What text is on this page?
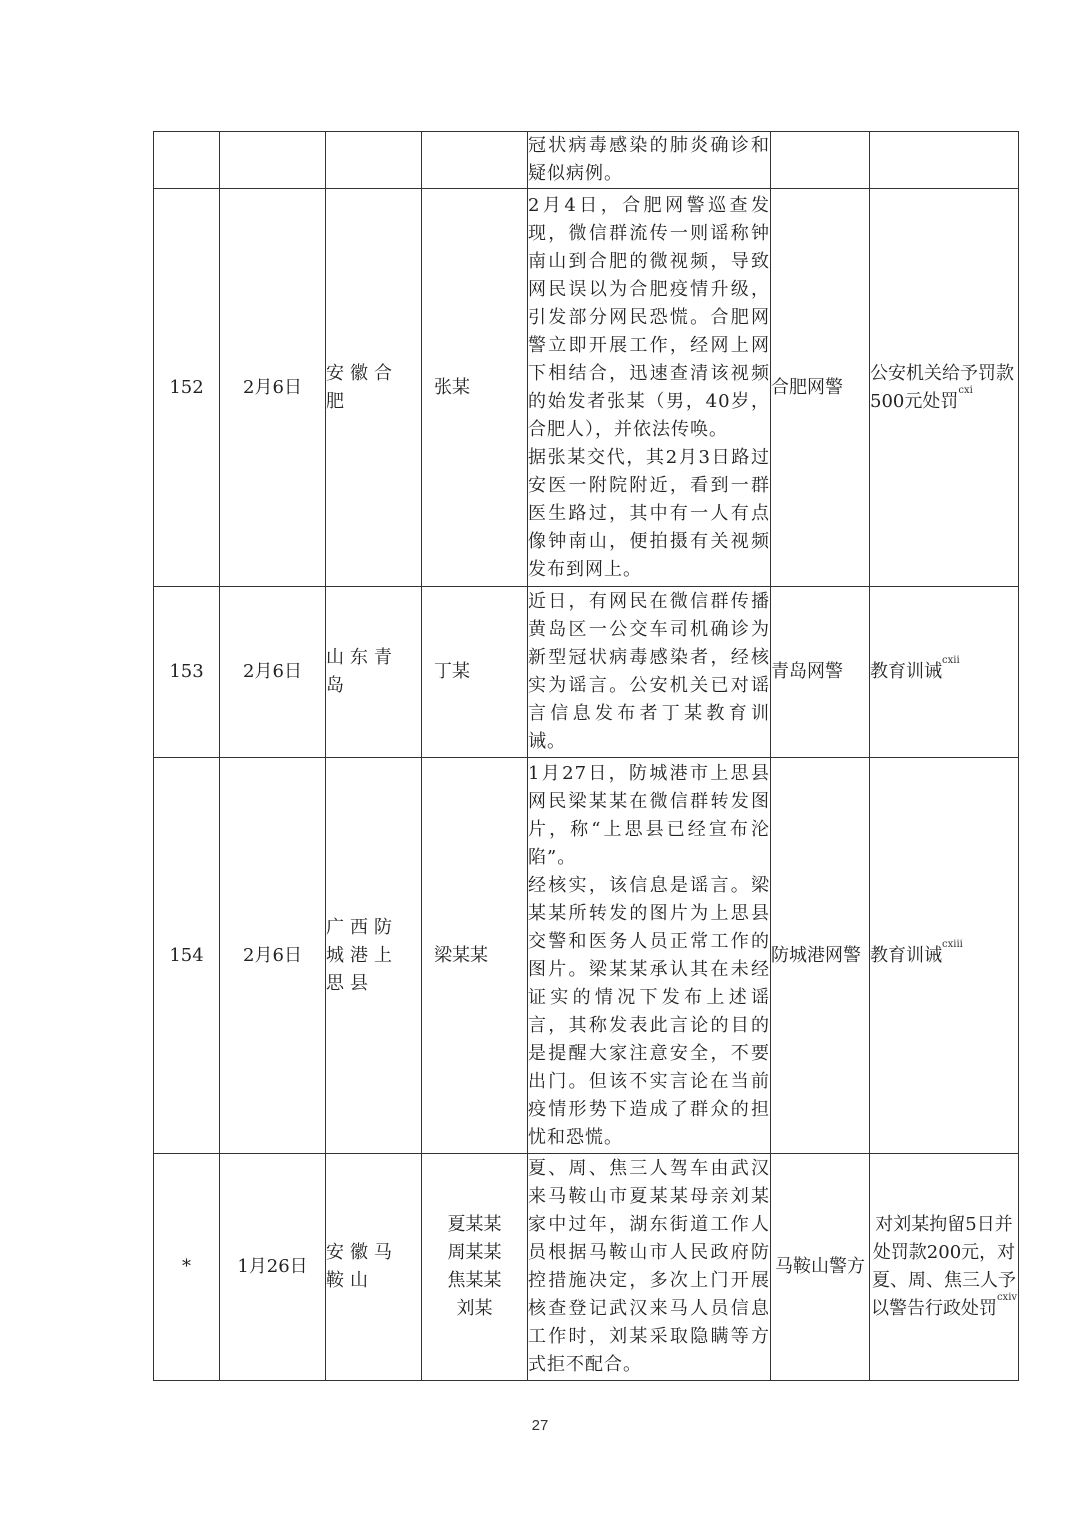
				冠状病毒感染的肺炎确诊和疑似病例。		

152	2月6日	安徽合肥	张某	2月4日，合肥网警巡查发现，微信群流传一则谣称钟南山到合肥的微视频，导致网民误以为合肥疫情升级，引发部分网民恐慌。合肥网警立即开展工作，经网上网下相结合，迅速查清该视频的始发者张某（男，40岁，合肥人），并依法传唤。

据张某交代，其2月3日路过安医一附院附近，看到一群医生路过，其中有一人有点像钟南山，便拍摄有关视频发布到网上。	合肥网警	公安机关给予罚款500元处罚$^{cxi}$
153	2月6日	山东青岛	丁某	近日，有网民在微信群传播黄岛区一公交车司机确诊为新型冠状病毒感染者，经核实为谣言。公安机关已对谣言信息发布者丁某教育训诫。	青岛网警	教育训诫$^{cxii}$
154	2月6日	广西防城港上思县	梁某某	1月27日，防城港市上思县网民梁某某在微信群转发图片，称“上思县已经宣布沦陷”。

经核实，该信息是谣言。梁某某所转发的图片为上思县交警和医务人员正常工作的图片。梁某某承认其在未经证实的情况下发布上述谣言，其称发表此言论的目的是提醒大家注意安全，不要出门。但该不实言论在当前疫情形势下造成了群众的担忧和恐慌。	防城港网警	教育训诫$^{cxiii}$
*	1月26日	安徽马鞍山	夏某某
周某某
焦某某
刘某	夏、周、焦三人驾车由武汉来马鞍山市夏某某母亲刘某家中过年，湖东街道工作人员根据马鞍山市人民政府防控措施决定，多次上门开展核查登记武汉来马人员信息工作时，刘某采取隐瞒等方式拒不配合。	马鞍山警方	对刘某拘留5日并处罚款200元，对夏、周、焦三人予以警告行政处罚$^{cxiv}$
27
